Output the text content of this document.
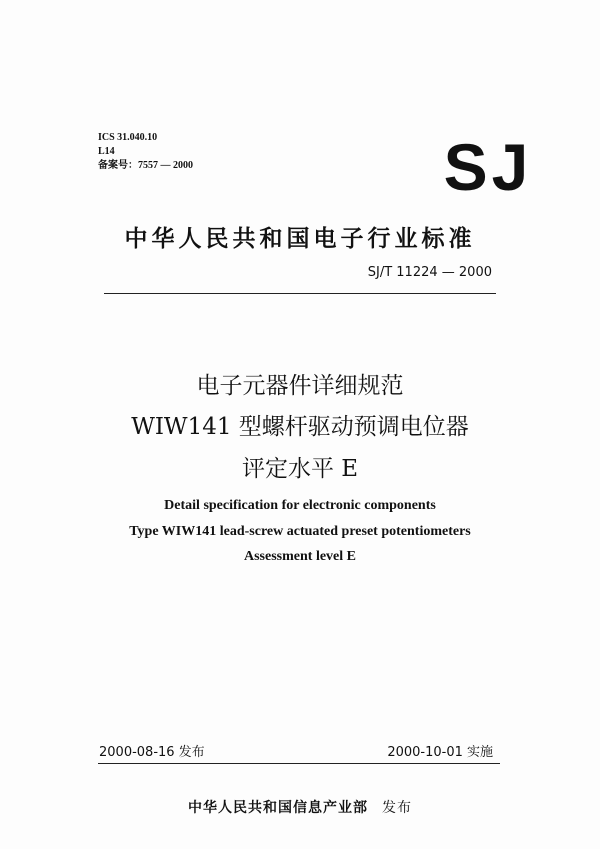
ICS 31.040.10
L14
备案号：7557 — 2000	SJ
中华人民共和国电子行业标准
SJ/T 11224 — 2000
电子元器件详细规范
WIW141 型螺杆驱动预调电位器
评定水平 E
Detail specification for electronic components
Type WIW141 lead-screw actuated preset potentiometers
Assessment level E
2000-08-16 发布	2000-10-01 实施
中华人民共和国信息产业部 发布
